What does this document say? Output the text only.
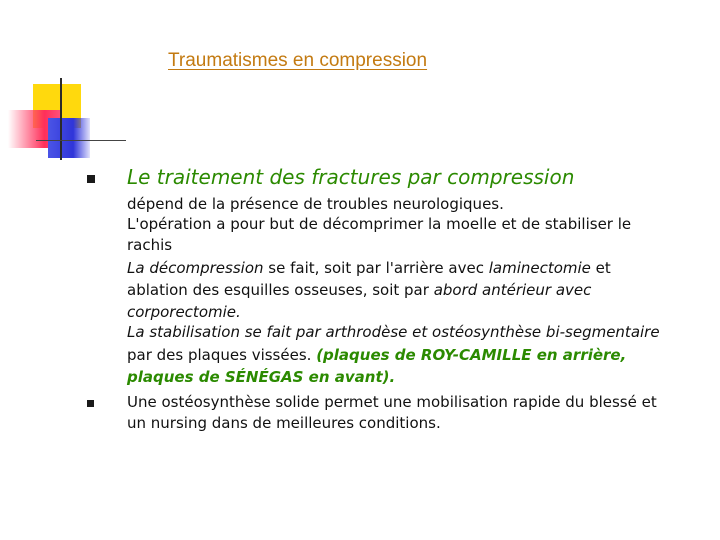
Traumatismes en compression
Le traitement des fractures par compression
dépend de la présence de troubles neurologiques.
L'opération a pour but de décomprimer la moelle et de stabiliser le
rachis
La décompression se fait, soit par l'arrière avec laminectomie et
ablation des esquilles osseuses, soit par abord antérieur avec
corporectomie.
La stabilisation se fait par arthrodèse et ostéosynthèse bi-segmentaire
par des plaques vissées. (plaques de ROY-CAMILLE en arrière,
plaques de SÉNÉGAS en avant).
Une ostéosynthèse solide permet une mobilisation rapide du blessé et
un nursing dans de meilleures conditions.
